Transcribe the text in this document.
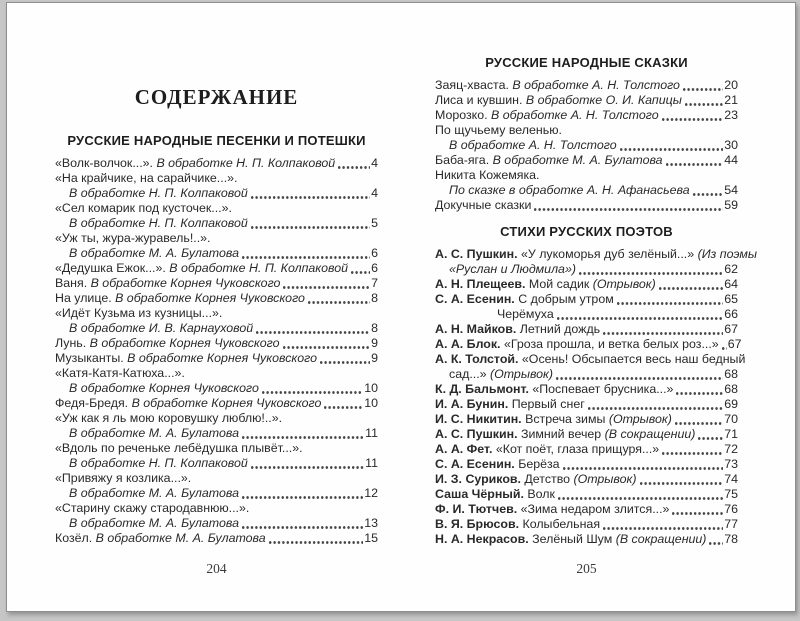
СОДЕРЖАНИЕ
РУССКИЕ НАРОДНЫЕ ПЕСЕНКИ И ПОТЕШКИ
«Волк-волчок...». В обработке Н. П. Колпаковой	4
«На крайчике, на сарайчике...».
В обработке Н. П. Колпаковой	4
«Сел комарик под кусточек...».
В обработке Н. П. Колпаковой	5
«Уж ты, жура-журавель!..».
В обработке М. А. Булатова	6
«Дедушка Ежок...». В обработке Н. П. Колпаковой 6
Ваня. В обработке Корнея Чуковского	7
На улице. В обработке Корнея Чуковского	8
«Идёт Кузьма из кузницы...».
В обработке И. В. Карнауховой	8
Лунь. В обработке Корнея Чуковского	9
Музыканты. В обработке Корнея Чуковского	9
«Катя-Катя-Катюха...».
В обработке Корнея Чуковского	10
Федя-Бредя. В обработке Корнея Чуковского	10
«Уж как я ль мою коровушку люблю!..».
В обработке М. А. Булатова	11
«Вдоль по реченьке лебёдушка плывёт...».
В обработке Н. П. Колпаковой	11
«Привяжу я козлика...».
В обработке М. А. Булатова	12
«Старину скажу стародавнюю...».
В обработке М. А. Булатова	13
Козёл. В обработке М. А. Булатова	15
РУССКИЕ НАРОДНЫЕ СКАЗКИ
Заяц-хваста. В обработке А. Н. Толстого	20
Лиса и кувшин. В обработке О. И. Капицы	21
Морозко. В обработке А. Н. Толстого	23
По щучьему веленью.
В обработке А. Н. Толстого	30
Баба-яга. В обработке М. А. Булатова	44
Никита Кожемяка.
По сказке в обработке А. Н. Афанасьева	54
Докучные сказки	59
СТИХИ РУССКИХ ПОЭТОВ
А. С. Пушкин. «У лукоморья дуб зелёный...» (Из поэмы
«Руслан и Людмила»)	62
А. Н. Плещеев. Мой садик (Отрывок)	64
С. А. Есенин. С добрым утром	65
Черёмуха	66
А. Н. Майков. Летний дождь	67
А. А. Блок. «Гроза прошла, и ветка белых роз...» 67
А. К. Толстой. «Осень! Обсыпается весь наш бедный
сад...» (Отрывок)	68
К. Д. Бальмонт. «Поспевает брусника...»	68
И. А. Бунин. Первый снег	69
И. С. Никитин. Встреча зимы (Отрывок)	70
А. С. Пушкин. Зимний вечер (В сокращении) 71
А. А. Фет. «Кот поёт, глаза прищуря...»	72
С. А. Есенин. Берёза	73
И. З. Суриков. Детство (Отрывок)	74
Саша Чёрный. Волк	75
Ф. И. Тютчев. «Зима недаром злится...»	76
В. Я. Брюсов. Колыбельная	77
Н. А. Некрасов. Зелёный Шум (В сокращении) 78
204	205
